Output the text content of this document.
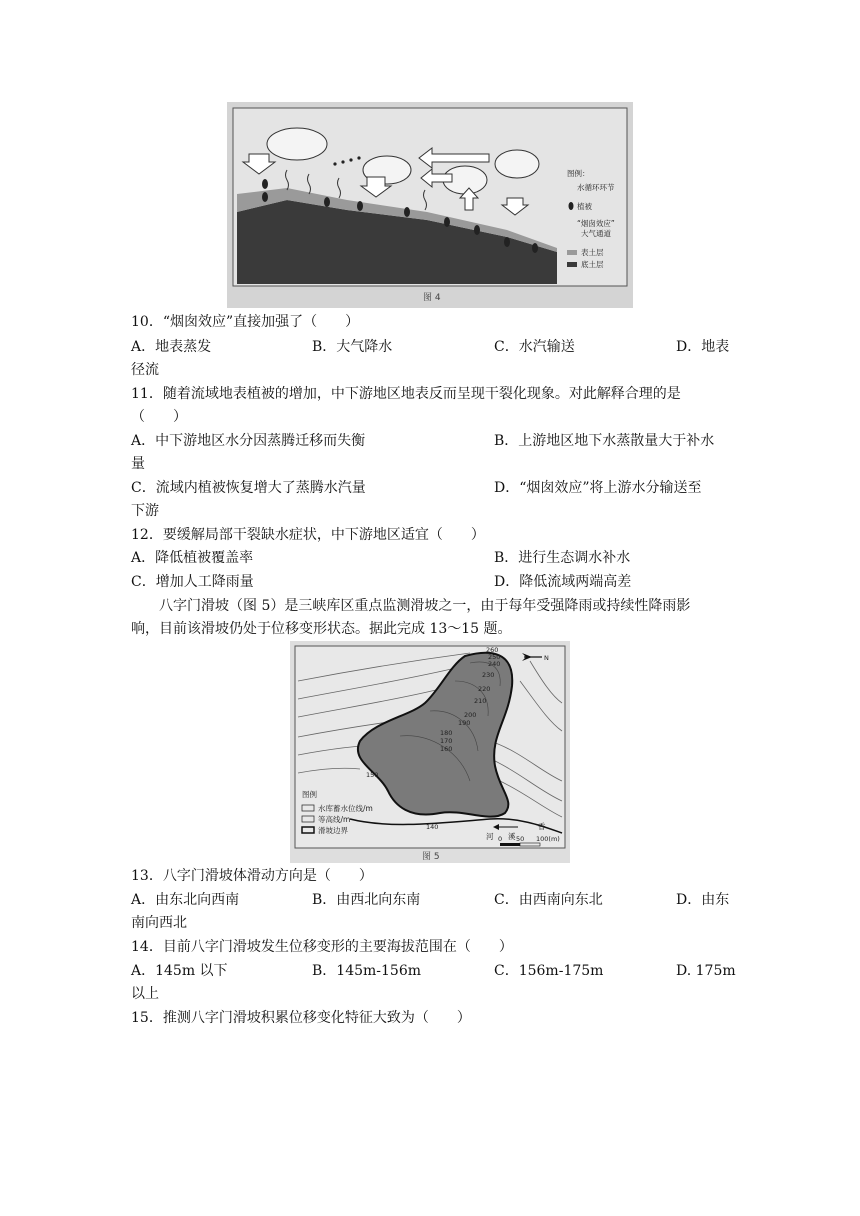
图例：
水循环环节
植被
“烟囱效应”
大气通道
表土层
底土层
图 4
10．“烟囱效应”直接加强了（　　）
A．地表蒸发	B．大气降水	C．水汽输送	D．地表
径流
11．随着流域地表植被的增加，中下游地区地表反而呈现干裂化现象。对此解释合理的是
（　　）
A．中下游地区水分因蒸腾迁移而失衡	B．上游地区地下水蒸散量大于补水
量
C．流域内植被恢复增大了蒸腾水汽量	D．“烟囱效应”将上游水分输送至
下游
12．要缓解局部干裂缺水症状，中下游地区适宜（　　）
A．降低植被覆盖率	B．进行生态调水补水
C．增加人工降雨量	D．降低流域两端高差
八字门滑坡（图 5）是三峡库区重点监测滑坡之一，由于每年受强降雨或持续性降雨影
响，目前该滑坡仍处于位移变形状态。据此完成 13～15 题。
260
250
240
230
220
210
200
190
180
170
160
150
140
N
图例
水库蓄水位线/m
等高线/m
滑坡边界
河 溪
香
0 50 100(m)
图 5
13．八字门滑坡体滑动方向是（　　）
A．由东北向西南	B．由西北向东南	C．由西南向东北	D．由东
南向西北
14．目前八字门滑坡发生位移变形的主要海拔范围在（　　）
A．145m 以下	B．145m-156m	C．156m-175m	D. 175m
以上
15．推测八字门滑坡积累位移变化特征大致为（　　）
